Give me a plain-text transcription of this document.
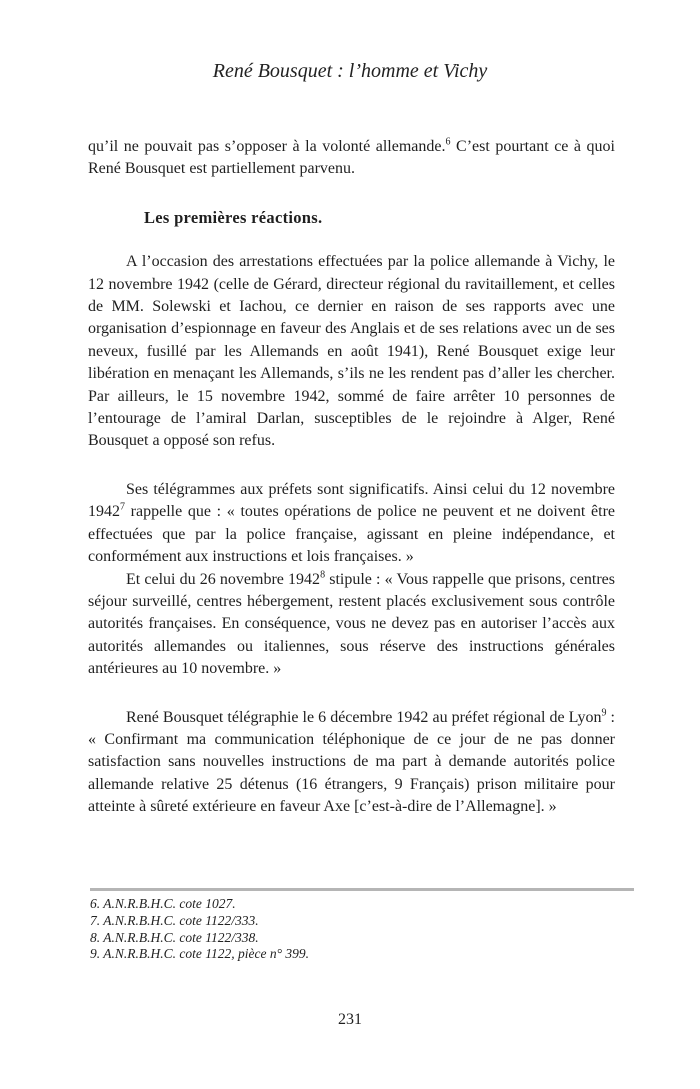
René Bousquet : l’homme et Vichy

qu’il ne pouvait pas s’opposer à la volonté allemande.$^6$ C’est pourtant ce à quoi René Bousquet est partiellement parvenu.

Les premières réactions.

A l’occasion des arrestations effectuées par la police allemande à Vichy, le 12 novembre 1942 (celle de Gérard, directeur régional du ravitaillement, et celles de MM. Solewski et Iachou, ce dernier en raison de ses rapports avec une organisation d’espionnage en faveur des Anglais et de ses relations avec un de ses neveux, fusillé par les Allemands en août 1941), René Bousquet exige leur libération en menaçant les Allemands, s’ils ne les rendent pas d’aller les chercher. Par ailleurs, le 15 novembre 1942, sommé de faire arrêter 10 personnes de l’entourage de l’amiral Darlan, susceptibles de le rejoindre à Alger, René Bousquet a opposé son refus.

Ses télégrammes aux préfets sont significatifs. Ainsi celui du 12 novembre 1942$^7$ rappelle que : « toutes opérations de police ne peuvent et ne doivent être effectuées que par la police française, agissant en pleine indépendance, et conformément aux instructions et lois françaises. »

Et celui du 26 novembre 1942$^8$ stipule : « Vous rappelle que prisons, centres séjour surveillé, centres hébergement, restent placés exclusivement sous contrôle autorités françaises. En conséquence, vous ne devez pas en autoriser l’accès aux autorités allemandes ou italiennes, sous réserve des instructions générales antérieures au 10 novembre. »

René Bousquet télégraphie le 6 décembre 1942 au préfet régional de Lyon$^9$ : « Confirmant ma communication téléphonique de ce jour de ne pas donner satisfaction sans nouvelles instructions de ma part à demande autorités police allemande relative 25 détenus (16 étrangers, 9 Français) prison militaire pour atteinte à sûreté extérieure en faveur Axe [c’est-à-dire de l’Allemagne]. »

6. A.N.R.B.H.C. cote 1027.
7. A.N.R.B.H.C. cote 1122/333.
8. A.N.R.B.H.C. cote 1122/338.
9. A.N.R.B.H.C. cote 1122, pièce n° 399.
231
